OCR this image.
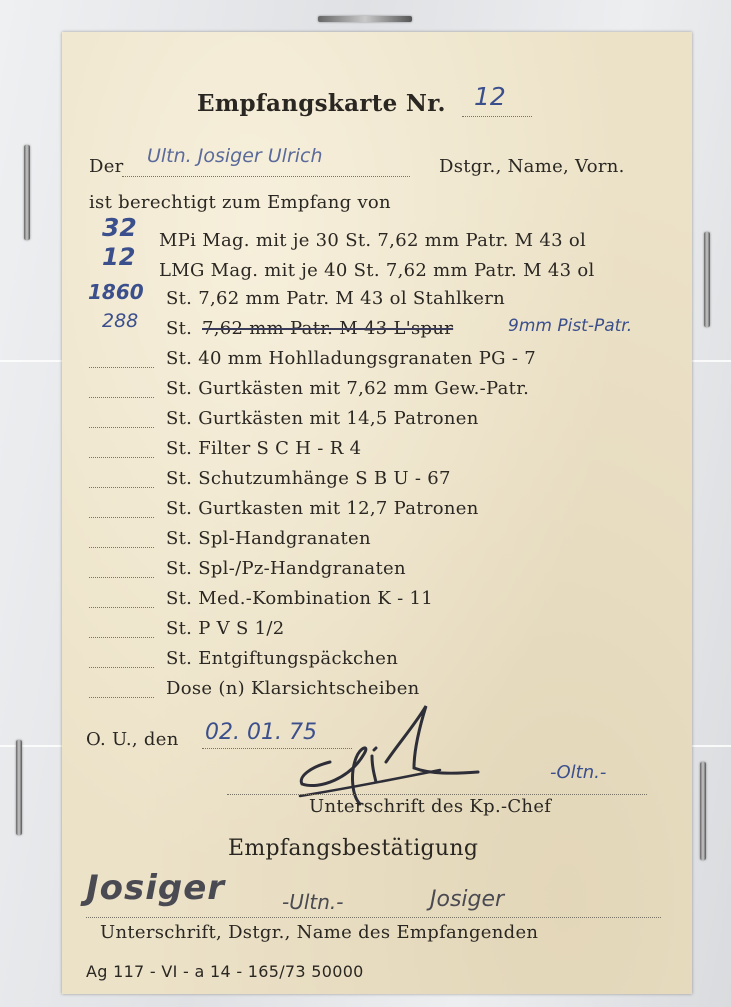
Empfangskarte Nr. 12
Der Ultn. Josiger Ulrich	Dstgr., Name, Vorn.
ist berechtigt zum Empfang von
32 MPi Mag. mit je 30 St. 7,62 mm Patr. M 43 ol
12 LMG Mag. mit je 40 St. 7,62 mm Patr. M 43 ol
1860 St. 7,62 mm Patr. M 43 ol Stahlkern
288 St. 7,62 mm Patr. M 43 L'spur	9mm Pist-Patr.
St. 40 mm Hohlladungsgranaten PG - 7
St. Gurtkästen mit 7,62 mm Gew.-Patr.
St. Gurtkästen mit 14,5 Patronen
St. Filter S C H - R 4
St. Schutzumhänge S B U - 67
St. Gurtkasten mit 12,7 Patronen
St. Spl-Handgranaten
St. Spl-/Pz-Handgranaten
St. Med.-Kombination K - 11
St. P V S 1/2
St. Entgiftungspäckchen
Dose (n) Klarsichtscheiben
O. U., den 02. 01. 75
-Oltn.-
Unterschrift des Kp.-Chef
Empfangsbestätigung
Josiger	-Ultn.-	Josiger
Unterschrift, Dstgr., Name des Empfangenden
Ag 117 - VI - a 14 - 165/73 50000
